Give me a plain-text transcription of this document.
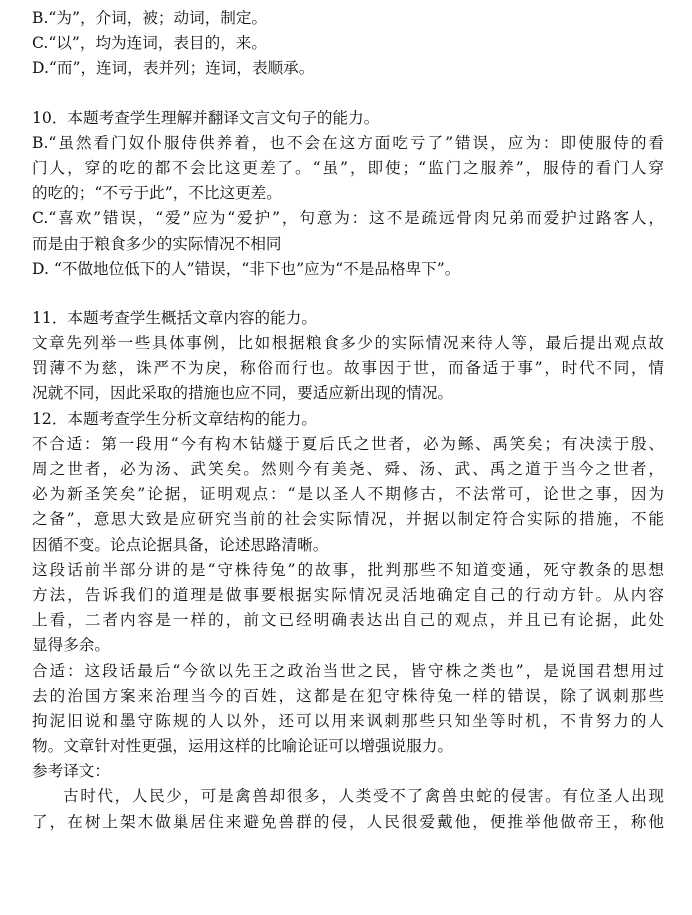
B.“为”，介词，被；动词，制定。
C.“以”，均为连词，表目的，来。
D.“而”，连词，表并列；连词，表顺承。
10．本题考查学生理解并翻译文言文句子的能力。
B.“虽然看门奴仆服侍供养着，也不会在这方面吃亏了”错误，应为：即使服侍的看
门人，穿的吃的都不会比这更差了。“虽”，即使；“监门之服养”，服侍的看门人穿
的吃的；“不亏于此”，不比这更差。
C.“喜欢”错误，“爱”应为“爱护”，句意为：这不是疏远骨肉兄弟而爱护过路客人，
而是由于粮食多少的实际情况不相同
D. “不做地位低下的人”错误，“非下也”应为“不是品格卑下”。
11．本题考查学生概括文章内容的能力。
文章先列举一些具体事例，比如根据粮食多少的实际情况来待人等，最后提出观点故
罚薄不为慈，诛严不为戾，称俗而行也。故事因于世，而备适于事”，时代不同，情
况就不同，因此采取的措施也应不同，要适应新出现的情况。
12．本题考查学生分析文章结构的能力。
不合适：第一段用“今有构木钻燧于夏后氏之世者，必为鲧、禹笑矣；有决渎于殷、
周之世者，必为汤、武笑矣。然则今有美尧、舜、汤、武、禹之道于当今之世者，
必为新圣笑矣”论据，证明观点：“是以圣人不期修古，不法常可，论世之事，因为
之备”，意思大致是应研究当前的社会实际情况，并据以制定符合实际的措施，不能
因循不变。论点论据具备，论述思路清晰。
这段话前半部分讲的是“守株待兔”的故事，批判那些不知道变通，死守教条的思想
方法，告诉我们的道理是做事要根据实际情况灵活地确定自己的行动方针。从内容
上看，二者内容是一样的，前文已经明确表达出自己的观点，并且已有论据，此处
显得多余。
合适：这段话最后“今欲以先王之政治当世之民，皆守株之类也”，是说国君想用过
去的治国方案来治理当今的百姓，这都是在犯守株待兔一样的错误，除了讽刺那些
拘泥旧说和墨守陈规的人以外，还可以用来讽刺那些只知坐等时机，不肯努力的人
物。文章针对性更强，运用这样的比喻论证可以增强说服力。
参考译文：
古时代，人民少，可是禽兽却很多，人类受不了禽兽虫蛇的侵害。有位圣人出现
了，在树上架木做巢居住来避免兽群的侵，人民很爱戴他，便推举他做帝王，称他
